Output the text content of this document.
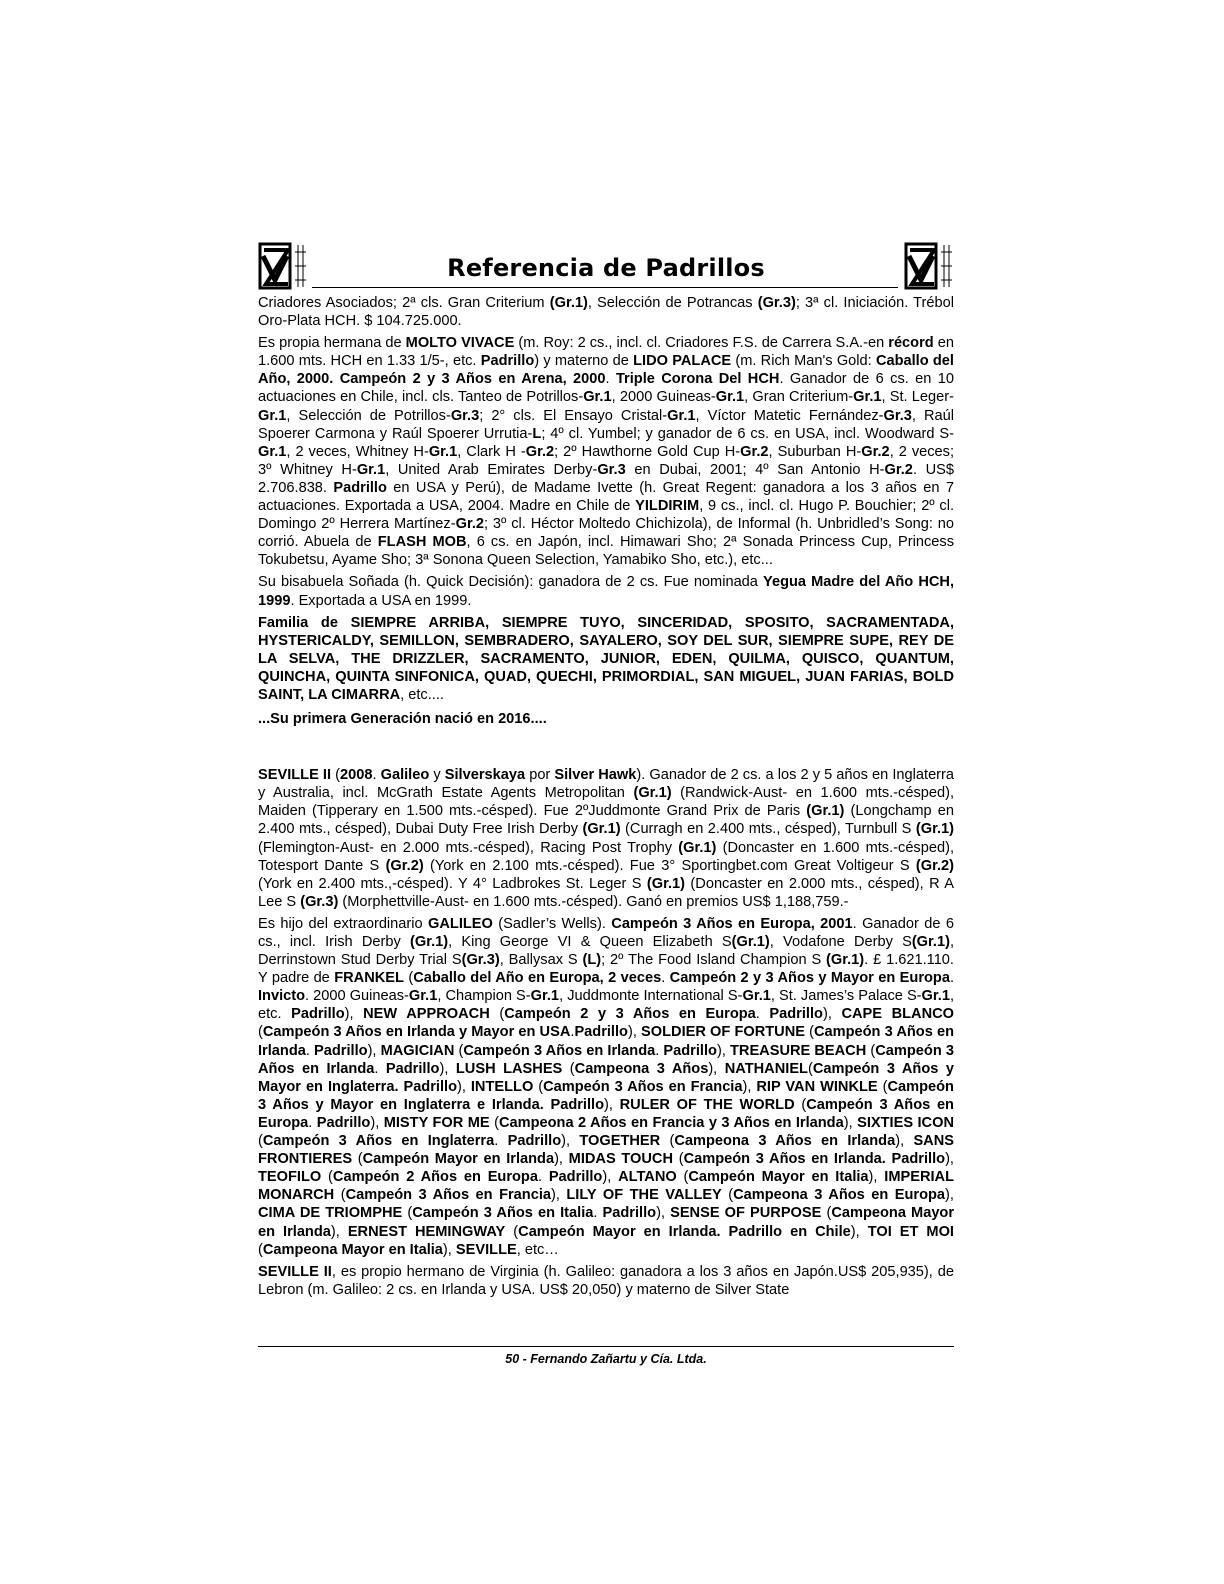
Referencia de Padrillos

Criadores Asociados; 2ª cls. Gran Criterium (Gr.1), Selección de Potrancas (Gr.3); 3ª cl. Iniciación. Trébol Oro-Plata HCH. $ 104.725.000.

Es propia hermana de MOLTO VIVACE (m. Roy: 2 cs., incl. cl. Criadores F.S. de Carrera S.A.-en récord en 1.600 mts. HCH en 1.33 1/5-, etc. Padrillo) y materno de LIDO PALACE (m. Rich Man's Gold: Caballo del Año, 2000. Campeón 2 y 3 Años en Arena, 2000. Triple Corona Del HCH. Ganador de 6 cs. en 10 actuaciones en Chile, incl. cls. Tanteo de Potrillos-Gr.1, 2000 Guineas-Gr.1, Gran Criterium-Gr.1, St. Leger-Gr.1, Selección de Potrillos-Gr.3; 2° cls. El Ensayo Cristal-Gr.1, Víctor Matetic Fernández-Gr.3, Raúl Spoerer Carmona y Raúl Spoerer Urrutia-L; 4º cl. Yumbel; y ganador de 6 cs. en USA, incl. Woodward S-Gr.1, 2 veces, Whitney H-Gr.1, Clark H -Gr.2; 2º Hawthorne Gold Cup H-Gr.2, Suburban H-Gr.2, 2 veces; 3º Whitney H-Gr.1, United Arab Emirates Derby-Gr.3 en Dubai, 2001; 4º San Antonio H-Gr.2. US$ 2.706.838. Padrillo en USA y Perú), de Madame Ivette (h. Great Regent: ganadora a los 3 años en 7 actuaciones. Exportada a USA, 2004. Madre en Chile de YILDIRIM, 9 cs., incl. cl. Hugo P. Bouchier; 2º cl. Domingo 2º Herrera Martínez-Gr.2; 3º cl. Héctor Moltedo Chichizola), de Informal (h. Unbridled’s Song: no corrió. Abuela de FLASH MOB, 6 cs. en Japón, incl. Himawari Sho; 2ª Sonada Princess Cup, Princess Tokubetsu, Ayame Sho; 3ª Sonona Queen Selection, Yamabiko Sho, etc.), etc...

Su bisabuela Soñada (h. Quick Decisión): ganadora de 2 cs. Fue nominada Yegua Madre del Año HCH, 1999. Exportada a USA en 1999.

Familia de SIEMPRE ARRIBA, SIEMPRE TUYO, SINCERIDAD, SPOSITO, SACRAMENTADA, HYSTERICALDY, SEMILLON, SEMBRADERO, SAYALERO, SOY DEL SUR, SIEMPRE SUPE, REY DE LA SELVA, THE DRIZZLER, SACRAMENTO, JUNIOR, EDEN, QUILMA, QUISCO, QUANTUM, QUINCHA, QUINTA SINFONICA, QUAD, QUECHI, PRIMORDIAL, SAN MIGUEL, JUAN FARIAS, BOLD SAINT, LA CIMARRA, etc....

...Su primera Generación nació en 2016....

SEVILLE II (2008. Galileo y Silverskaya por Silver Hawk). Ganador de 2 cs. a los 2 y 5 años en Inglaterra y Australia, incl. McGrath Estate Agents Metropolitan (Gr.1) (Randwick-Aust- en 1.600 mts.-césped), Maiden (Tipperary en 1.500 mts.-césped). Fue 2ºJuddmonte Grand Prix de Paris (Gr.1) (Longchamp en 2.400 mts., césped), Dubai Duty Free Irish Derby (Gr.1) (Curragh en 2.400 mts., césped), Turnbull S (Gr.1) (Flemington-Aust- en 2.000 mts.-césped), Racing Post Trophy (Gr.1) (Doncaster en 1.600 mts.-césped), Totesport Dante S (Gr.2) (York en 2.100 mts.-césped). Fue 3° Sportingbet.com Great Voltigeur S (Gr.2) (York en 2.400 mts.,-césped). Y 4° Ladbrokes St. Leger S (Gr.1) (Doncaster en 2.000 mts., césped), R A Lee S (Gr.3) (Morphettville-Aust- en 1.600 mts.-césped). Ganó en premios US$ 1,188,759.-

Es hijo del extraordinario GALILEO (Sadler’s Wells). Campeón 3 Años en Europa, 2001. Ganador de 6 cs., incl. Irish Derby (Gr.1), King George VI & Queen Elizabeth S(Gr.1), Vodafone Derby S(Gr.1), Derrinstown Stud Derby Trial S(Gr.3), Ballysax S (L); 2º The Food Island Champion S (Gr.1). £ 1.621.110. Y padre de FRANKEL (Caballo del Año en Europa, 2 veces. Campeón 2 y 3 Años y Mayor en Europa. Invicto. 2000 Guineas-Gr.1, Champion S-Gr.1, Juddmonte International S-Gr.1, St. James’s Palace S-Gr.1, etc. Padrillo), NEW APPROACH (Campeón 2 y 3 Años en Europa. Padrillo), CAPE BLANCO (Campeón 3 Años en Irlanda y Mayor en USA.Padrillo), SOLDIER OF FORTUNE (Campeón 3 Años en Irlanda. Padrillo), MAGICIAN (Campeón 3 Años en Irlanda. Padrillo), TREASURE BEACH (Campeón 3 Años en Irlanda. Padrillo), LUSH LASHES (Campeona 3 Años), NATHANIEL(Campeón 3 Años y Mayor en Inglaterra. Padrillo), INTELLO (Campeón 3 Años en Francia), RIP VAN WINKLE (Campeón 3 Años y Mayor en Inglaterra e Irlanda. Padrillo), RULER OF THE WORLD (Campeón 3 Años en Europa. Padrillo), MISTY FOR ME (Campeona 2 Años en Francia y 3 Años en Irlanda), SIXTIES ICON (Campeón 3 Años en Inglaterra. Padrillo), TOGETHER (Campeona 3 Años en Irlanda), SANS FRONTIERES (Campeón Mayor en Irlanda), MIDAS TOUCH (Campeón 3 Años en Irlanda. Padrillo), TEOFILO (Campeón 2 Años en Europa. Padrillo), ALTANO (Campeón Mayor en Italia), IMPERIAL MONARCH (Campeón 3 Años en Francia), LILY OF THE VALLEY (Campeona 3 Años en Europa), CIMA DE TRIOMPHE (Campeón 3 Años en Italia. Padrillo), SENSE OF PURPOSE (Campeona Mayor en Irlanda), ERNEST HEMINGWAY (Campeón Mayor en Irlanda. Padrillo en Chile), TOI ET MOI (Campeona Mayor en Italia), SEVILLE, etc…

SEVILLE II, es propio hermano de Virginia (h. Galileo: ganadora a los 3 años en Japón.US$ 205,935), de Lebron (m. Galileo: 2 cs. en Irlanda y USA. US$ 20,050) y materno de Silver State

50 - Fernando Zañartu y Cía. Ltda.
